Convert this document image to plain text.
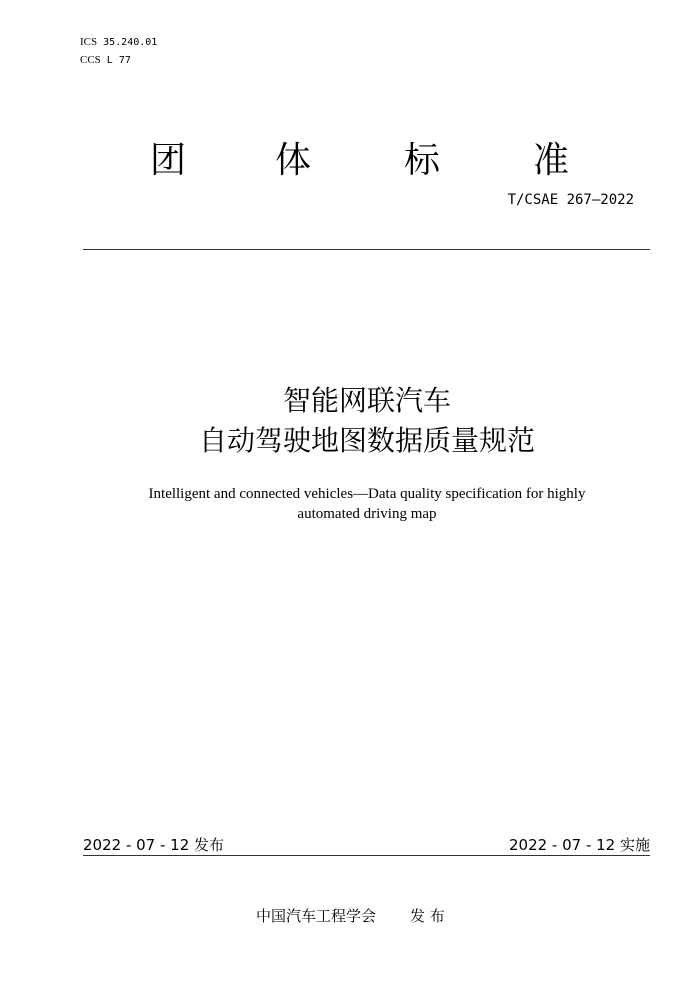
ICS 35.240.01
CCS L 77
团 体	标	准
T/CSAE 267—2022
智能网联汽车
自动驾驶地图数据质量规范
Intelligent and connected vehicles—Data quality specification for highly
automated driving map
2022 - 07 - 12 发布	2022 - 07 - 12 实施
中国汽车工程学会 发 布
